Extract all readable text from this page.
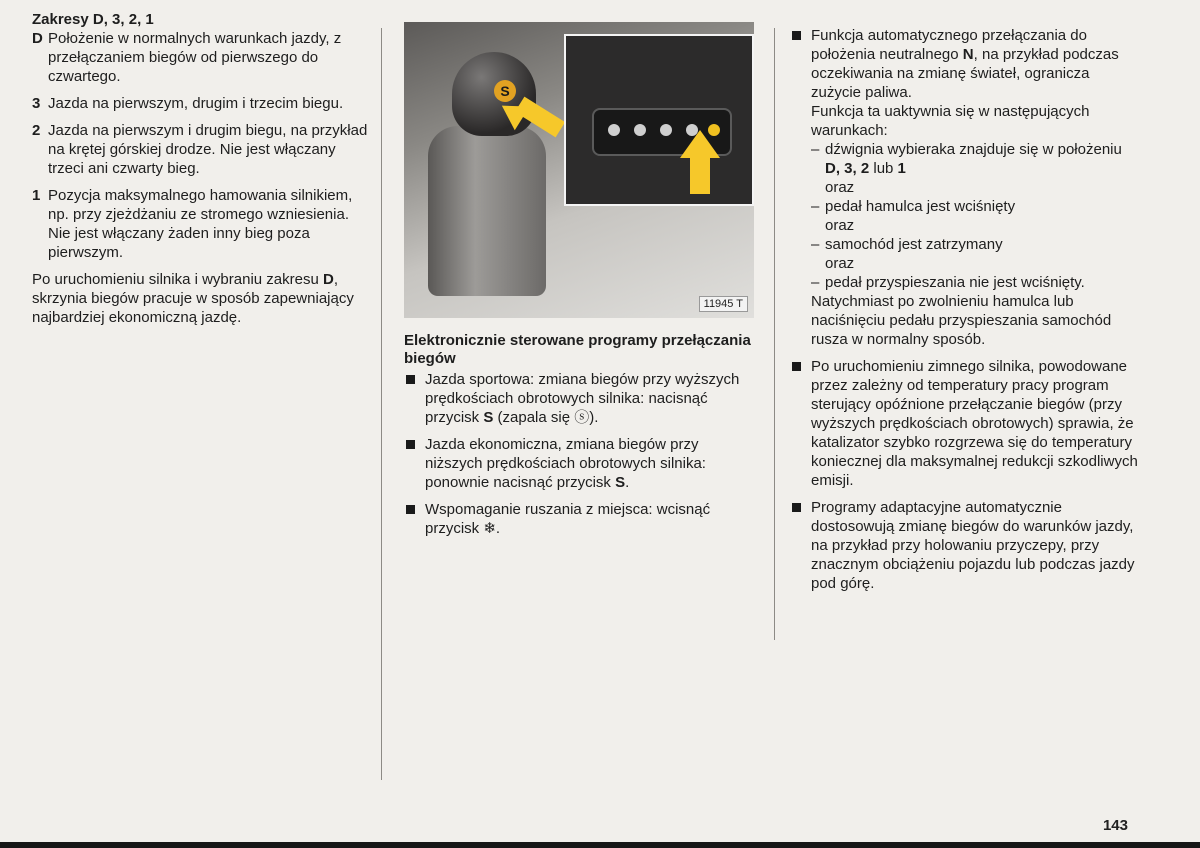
Zakresy D, 3, 2, 1
D Położenie w normalnych warunkach jazdy, z przełączaniem biegów od pierwszego do czwartego.
3 Jazda na pierwszym, drugim i trzecim biegu.
2 Jazda na pierwszym i drugim biegu, na przykład na krętej górskiej drodze. Nie jest włączany trzeci ani czwarty bieg.
1 Pozycja maksymalnego hamowania silnikiem, np. przy zjeżdżaniu ze stromego wzniesienia. Nie jest włączany żaden inny bieg poza pierwszym.

Po uruchomieniu silnika i wybraniu zakresu D, skrzynia biegów pracuje w sposób zapewniający najbardziej ekonomiczną jazdę.

S
11945 T
Elektronicznie sterowane programy przełączania biegów
Jazda sportowa: zmiana biegów przy wyższych prędkościach obrotowych silnika: nacisnąć przycisk S (zapala się ⓢ).
Jazda ekonomiczna, zmiana biegów przy niższych prędkościach obrotowych silnika: ponownie nacisnąć przycisk S.
Wspomaganie ruszania z miejsca: wcisnąć przycisk ❄.
Funkcja automatycznego przełączania do położenia neutralnego N, na przykład podczas oczekiwania na zmianę świateł, ogranicza zużycie paliwa.
Funkcja ta uaktywnia się w następujących warunkach:
– dźwignia wybieraka znajduje się w położeniu D, 3, 2 lub 1
oraz
– pedał hamulca jest wciśnięty
oraz
– samochód jest zatrzymany
oraz
– pedał przyspieszania nie jest wciśnięty.
Natychmiast po zwolnieniu hamulca lub naciśnięciu pedału przyspieszania samochód rusza w normalny sposób.
Po uruchomieniu zimnego silnika, powodowane przez zależny od temperatury pracy program sterujący opóźnione przełączanie biegów (przy wyższych prędkościach obrotowych) sprawia, że katalizator szybko rozgrzewa się do temperatury koniecznej dla maksymalnej redukcji szkodliwych emisji.
Programy adaptacyjne automatycznie dostosowują zmianę biegów do warunków jazdy, na przykład przy holowaniu przyczepy, przy znacznym obciążeniu pojazdu lub podczas jazdy pod górę.
143
